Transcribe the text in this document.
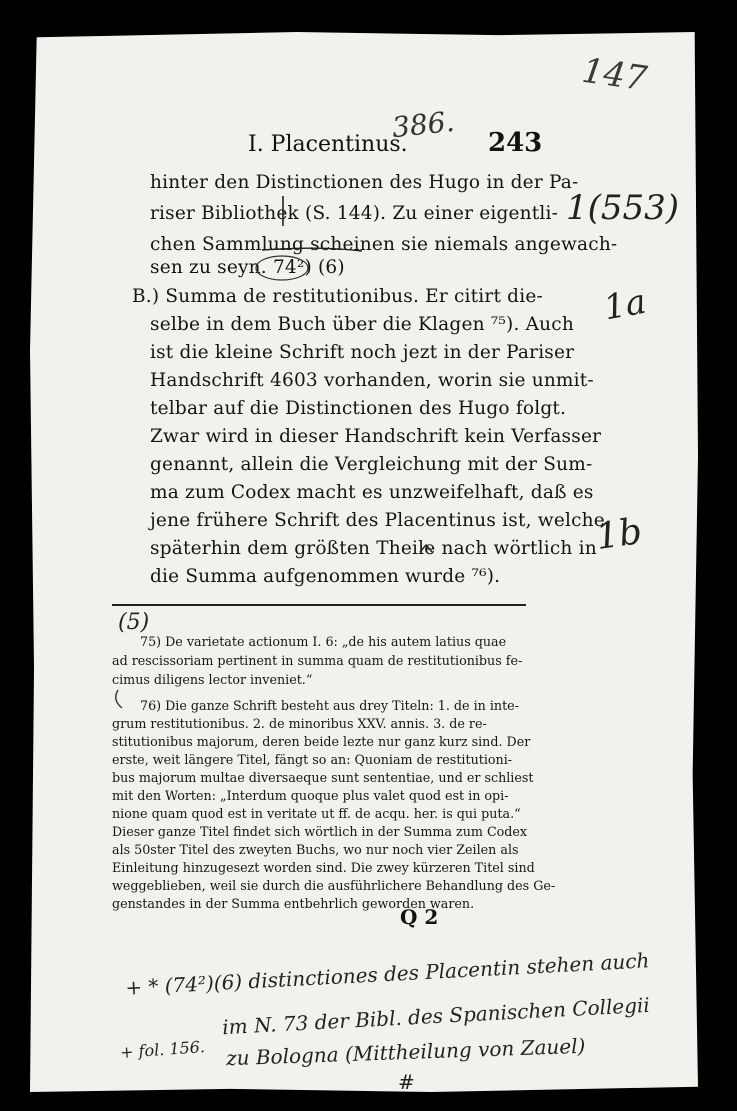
147
386.
1(553)
1a
1b
I. Placentinus.	243
hinter den Distinctionen des Hugo in der Pa-
riser Bibliothek (S. 144). Zu einer eigentli-
chen Sammlung scheinen sie niemals angewach-
sen zu seyn. 74²) (6)
B.) Summa de restitutionibus. Er citirt die-
selbe in dem Buch über die Klagen ⁷⁵). Auch
ist die kleine Schrift noch jezt in der Pariser
Handschrift 4603 vorhanden, worin sie unmit-
telbar auf die Distinctionen des Hugo folgt.
Zwar wird in dieser Handschrift kein Verfasser
genannt, allein die Vergleichung mit der Sum-
ma zum Codex macht es unzweifelhaft, daß es
jene frühere Schrift des Placentinus ist, welche
späterhin dem größten Theile nach wörtlich in
die Summa aufgenommen wurde ⁷⁶).
(5)
75) De varietate actionum I. 6: „de his autem latius quae
ad rescissoriam pertinent in summa quam de restitutionibus fe-
cimus diligens lector inveniet.“
76) Die ganze Schrift besteht aus drey Titeln: 1. de in inte-
grum restitutionibus. 2. de minoribus XXV. annis. 3. de re-
stitutionibus majorum, deren beide lezte nur ganz kurz sind. Der
erste, weit längere Titel, fängt so an: Quoniam de restitutioni-
bus majorum multae diversaeque sunt sententiae, und er schliest
mit den Worten: „Interdum quoque plus valet quod est in opi-
nione quam quod est in veritate ut ff. de acqu. her. is qui puta.“
Dieser ganze Titel findet sich wörtlich in der Summa zum Codex
als 50ster Titel des zweyten Buchs, wo nur noch vier Zeilen als
Einleitung hinzugesezt worden sind. Die zwey kürzeren Titel sind
weggeblieben, weil sie durch die ausführlichere Behandlung des Ge-
genstandes in der Summa entbehrlich geworden waren.
Q 2
+ * (74²)(6) distinctiones des Placentin stehen auch
im N. 73 der Bibl. des Spanischen Collegii
zu Bologna (Mittheilung von Zauel)
+ fol. 156.
#
